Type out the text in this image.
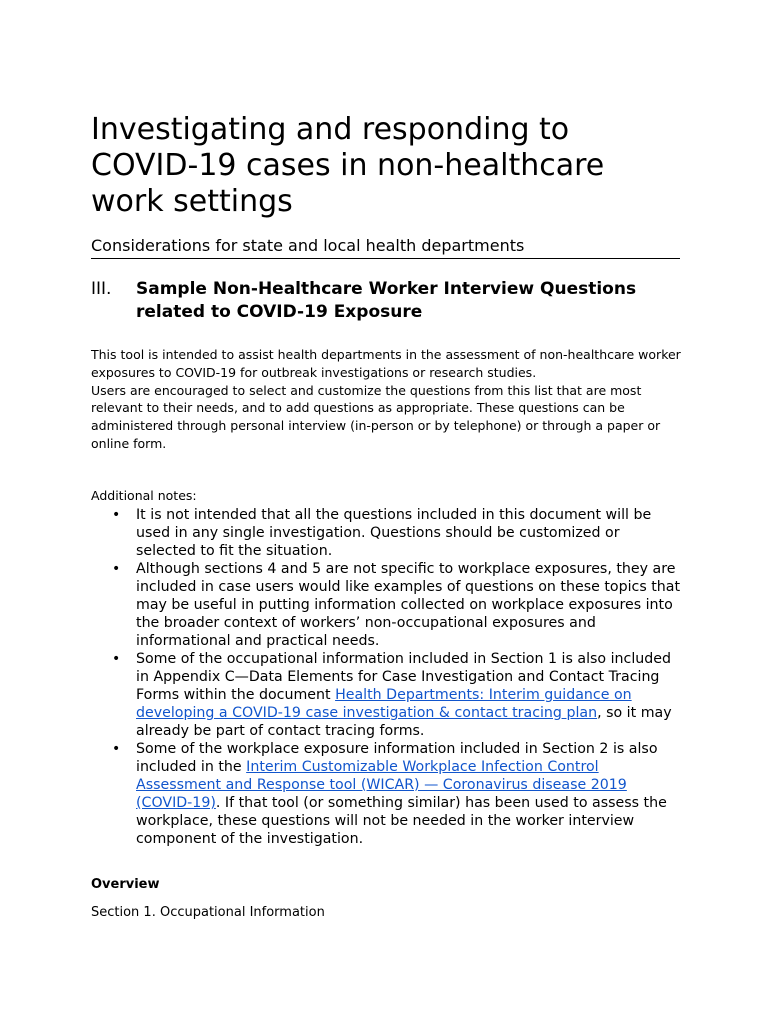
Investigating and responding to COVID-19 cases in non-healthcare work settings

Considerations for state and local health departments

III. Sample Non-Healthcare Worker Interview Questions related to COVID-19 Exposure
This tool is intended to assist health departments in the assessment of non-healthcare worker exposures to COVID-19 for outbreak investigations or research studies.
Users are encouraged to select and customize the questions from this list that are most relevant to their needs, and to add questions as appropriate. These questions can be administered through personal interview (in-person or by telephone) or through a paper or online form.
Additional notes:
• It is not intended that all the questions included in this document will be used in any single investigation. Questions should be customized or selected to fit the situation.
• Although sections 4 and 5 are not specific to workplace exposures, they are included in case users would like examples of questions on these topics that may be useful in putting information collected on workplace exposures into the broader context of workers’ non-occupational exposures and informational and practical needs.
• Some of the occupational information included in Section 1 is also included in Appendix C—Data Elements for Case Investigation and Contact Tracing Forms within the document Health Departments: Interim guidance on developing a COVID-19 case investigation & contact tracing plan, so it may already be part of contact tracing forms.
• Some of the workplace exposure information included in Section 2 is also included in the Interim Customizable Workplace Infection Control Assessment and Response tool (WICAR) — Coronavirus disease 2019 (COVID-19). If that tool (or something similar) has been used to assess the workplace, these questions will not be needed in the worker interview component of the investigation.
Overview
Section 1. Occupational Information
